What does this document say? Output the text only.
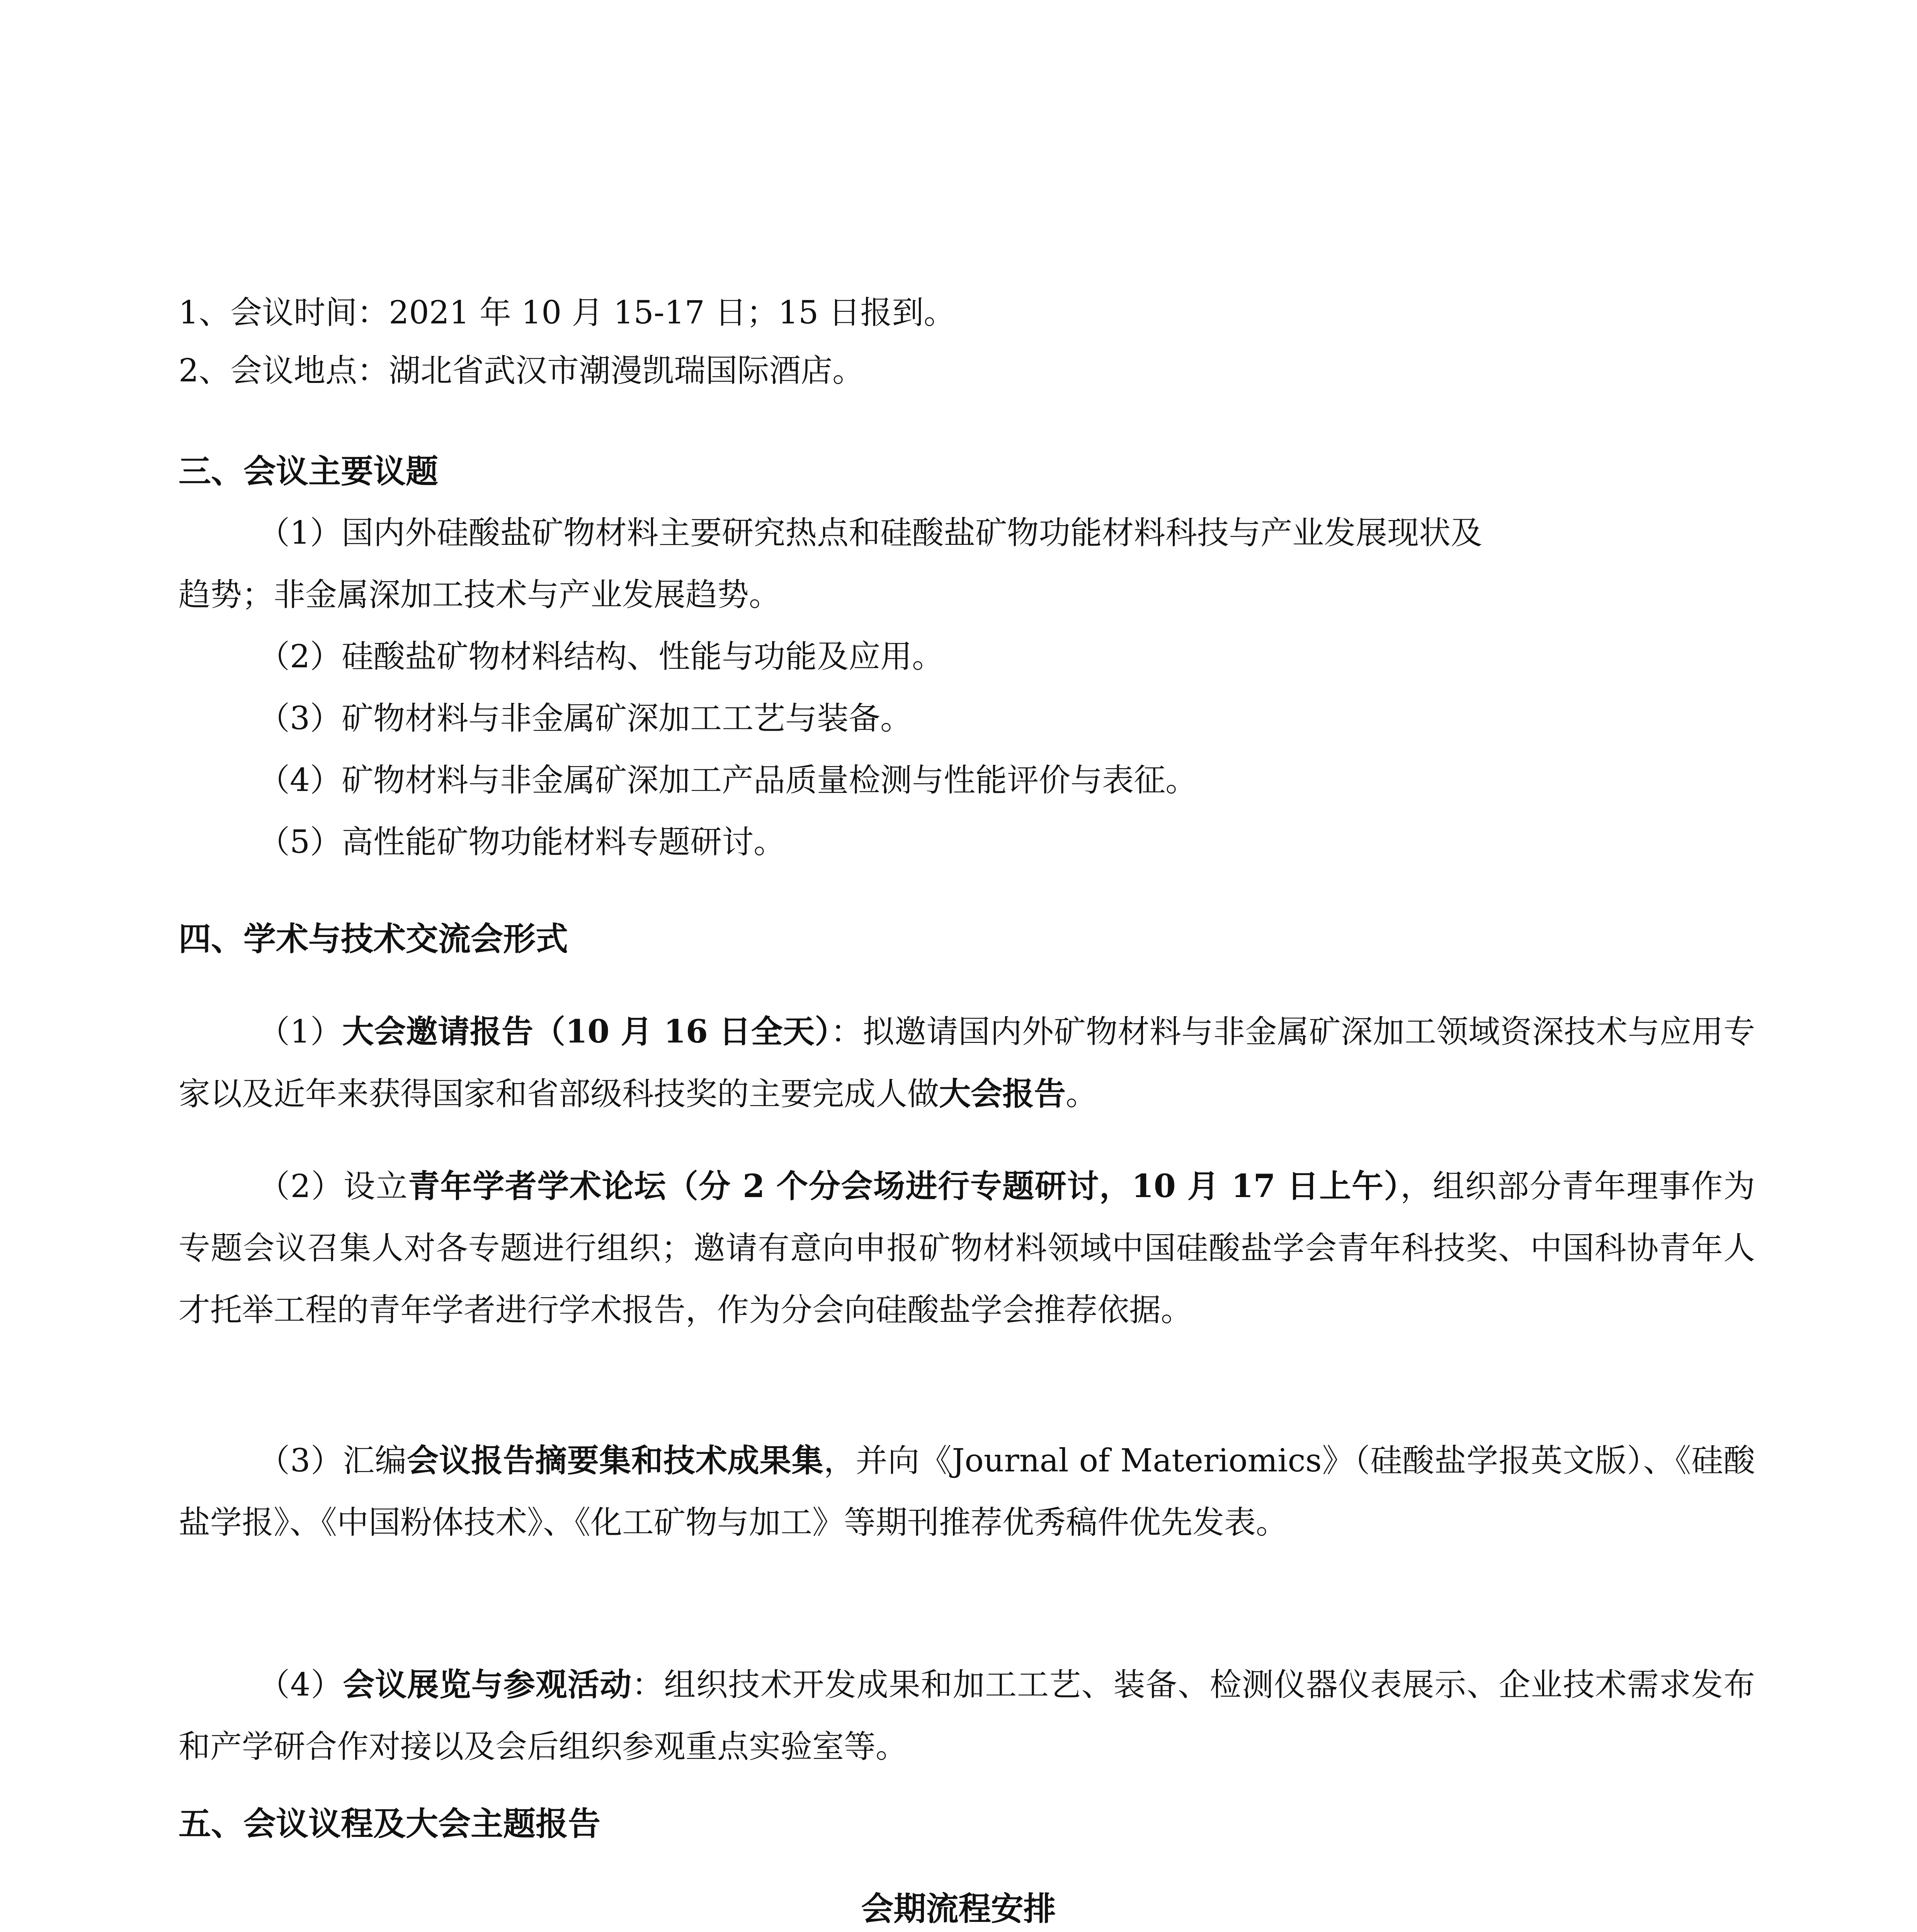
1、会议时间：2021 年 10 月 15-17 日；15 日报到。
2、会议地点：湖北省武汉市潮漫凯瑞国际酒店。
三、会议主要议题
（1）国内外硅酸盐矿物材料主要研究热点和硅酸盐矿物功能材料科技与产业发展现状及
趋势；非金属深加工技术与产业发展趋势。
（2）硅酸盐矿物材料结构、性能与功能及应用。
（3）矿物材料与非金属矿深加工工艺与装备。
（4）矿物材料与非金属矿深加工产品质量检测与性能评价与表征。
（5）高性能矿物功能材料专题研讨。
四、学术与技术交流会形式
（1）大会邀请报告（10 月 16 日全天）：拟邀请国内外矿物材料与非金属矿深加工领域资深技术与应用专家以及近年来获得国家和省部级科技奖的主要完成人做大会报告。
（2）设立青年学者学术论坛（分 2 个分会场进行专题研讨，10 月 17 日上午），组织部分青年理事作为专题会议召集人对各专题进行组织；邀请有意向申报矿物材料领域中国硅酸盐学会青年科技奖、中国科协青年人才托举工程的青年学者进行学术报告，作为分会向硅酸盐学会推荐依据。
（3）汇编会议报告摘要集和技术成果集，并向《Journal of Materiomics》（硅酸盐学报英文版）、《硅酸盐学报》、《中国粉体技术》、《化工矿物与加工》等期刊推荐优秀稿件优先发表。
（4）会议展览与参观活动：组织技术开发成果和加工工艺、装备、检测仪器仪表展示、企业技术需求发布和产学研合作对接以及会后组织参观重点实验室等。
五、会议议程及大会主题报告
会期流程安排
